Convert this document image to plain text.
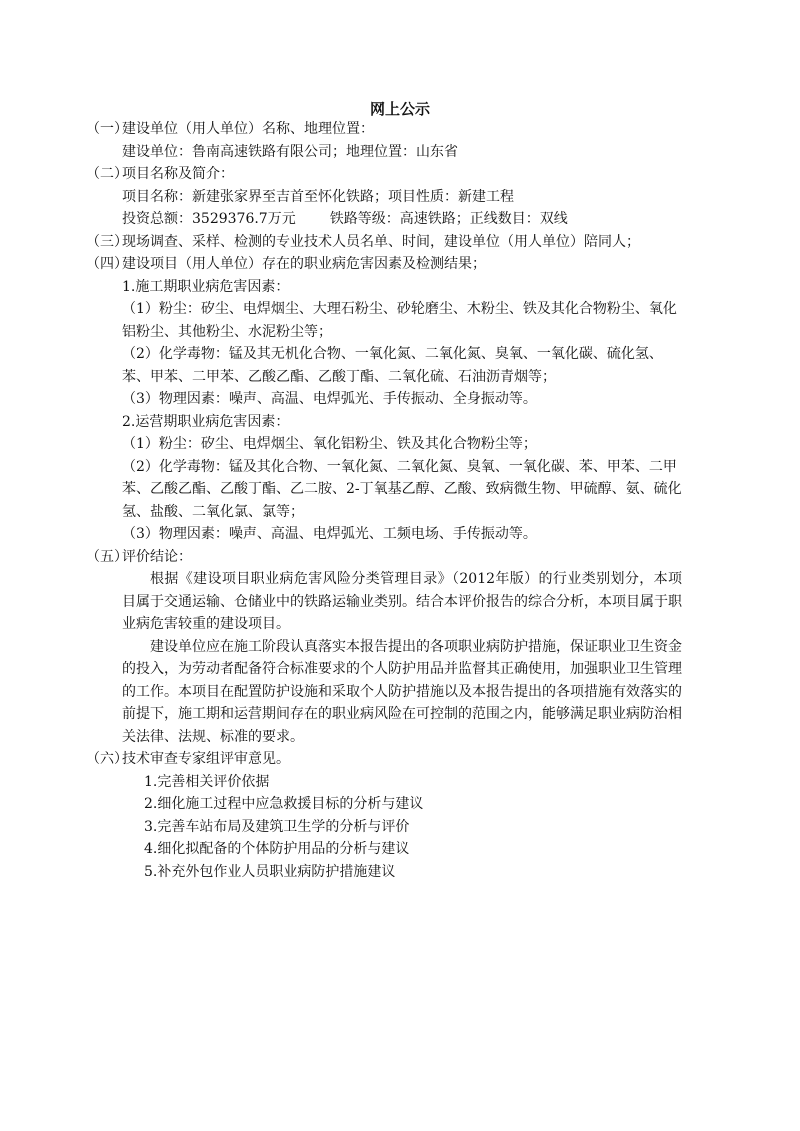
网上公示
（一）
建设单位（用人单位）名称、地理位置：
建设单位：鲁南高速铁路有限公司；地理位置：山东省
（二）
项目名称及简介：
项目名称：新建张家界至吉首至怀化铁路；项目性质：新建工程
投资总额：3529376.7万元 铁路等级：高速铁路；正线数目：双线
（三）
现场调查、采样、检测的专业技术人员名单、时间，建设单位（用人单位）陪同人；
（四）
建设项目（用人单位）存在的职业病危害因素及检测结果；
1.施工期职业病危害因素：
（1）粉尘：矽尘、电焊烟尘、大理石粉尘、砂轮磨尘、木粉尘、铁及其化合物粉尘、氧化铝粉尘、其他粉尘、水泥粉尘等；
（2）化学毒物：锰及其无机化合物、一氧化氮、二氧化氮、臭氧、一氧化碳、硫化氢、苯、甲苯、二甲苯、乙酸乙酯、乙酸丁酯、二氧化硫、石油沥青烟等；
（3）物理因素：噪声、高温、电焊弧光、手传振动、全身振动等。
2.运营期职业病危害因素：
（1）粉尘：矽尘、电焊烟尘、氧化铝粉尘、铁及其化合物粉尘等；
（2）化学毒物：锰及其化合物、一氧化氮、二氧化氮、臭氧、一氧化碳、苯、甲苯、二甲苯、乙酸乙酯、乙酸丁酯、乙二胺、2-丁氧基乙醇、乙酸、致病微生物、甲硫醇、氨、硫化氢、盐酸、二氧化氯、氯等；
（3）物理因素：噪声、高温、电焊弧光、工频电场、手传振动等。
（五）
评价结论：
根据《建设项目职业病危害风险分类管理目录》（2012年版）的行业类别划分，本项目属于交通运输、仓储业中的铁路运输业类别。结合本评价报告的综合分析，本项目属于职业病危害较重的建设项目。
建设单位应在施工阶段认真落实本报告提出的各项职业病防护措施，保证职业卫生资金的投入，为劳动者配备符合标准要求的个人防护用品并监督其正确使用，加强职业卫生管理的工作。本项目在配置防护设施和采取个人防护措施以及本报告提出的各项措施有效落实的前提下，施工期和运营期间存在的职业病风险在可控制的范围之内，能够满足职业病防治相关法律、法规、标准的要求。
（六）
技术审查专家组评审意见。
1.完善相关评价依据
2.细化施工过程中应急救援目标的分析与建议
3.完善车站布局及建筑卫生学的分析与评价
4.细化拟配备的个体防护用品的分析与建议
5.补充外包作业人员职业病防护措施建议
